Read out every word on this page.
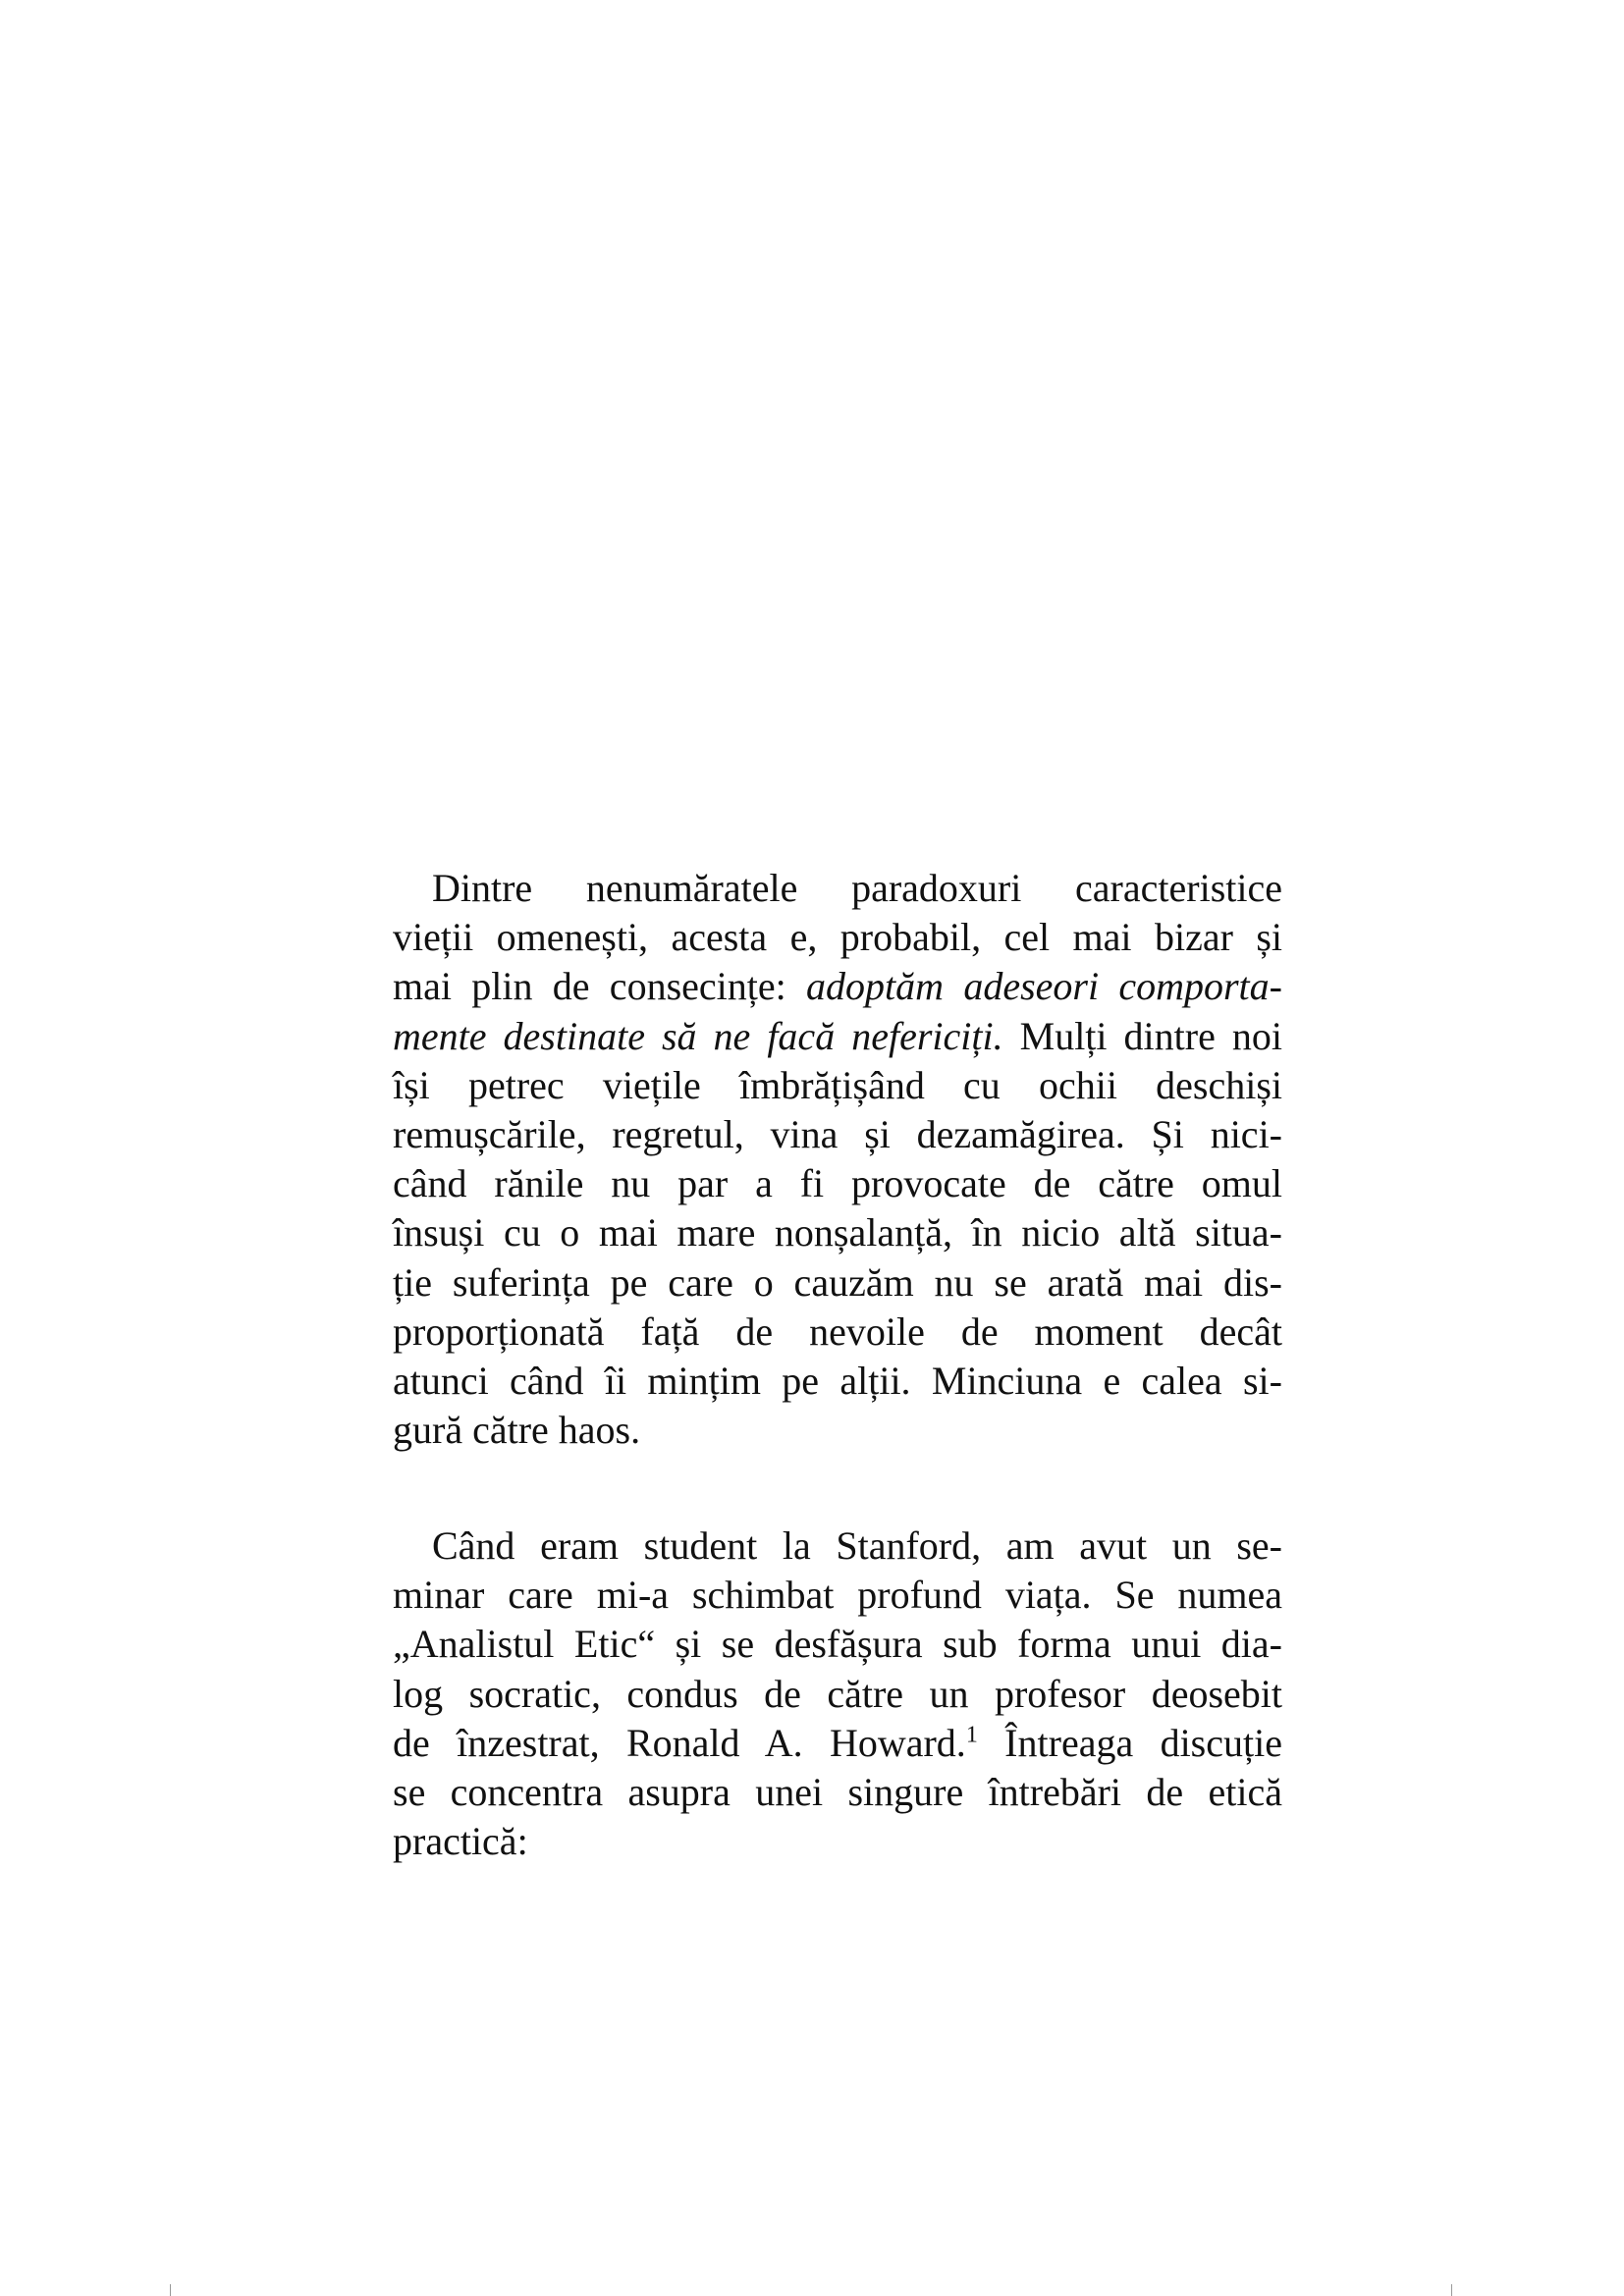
Dintre nenumăratele paradoxuri caracteristice
vieții omenești, acesta e, probabil, cel mai bizar și
mai plin de consecințe: adoptăm adeseori comporta-
mente destinate să ne facă nefericiți. Mulți dintre noi
își petrec viețile îmbrățișând cu ochii deschiși
remușcările, regretul, vina și dezamăgirea. Și nici-
când rănile nu par a fi provocate de către omul
însuși cu o mai mare nonșalanță, în nicio altă situa-
ție suferința pe care o cauzăm nu se arată mai dis-
proporționată față de nevoile de moment decât
atunci când îi mințim pe alții. Minciuna e calea si-
gură către haos.
Când eram student la Stanford, am avut un se-
minar care mi-a schimbat profund viața. Se numea
„Analistul Etic“ și se desfășura sub forma unui dia-
log socratic, condus de către un profesor deosebit
de înzestrat, Ronald A. Howard.$^1$ Întreaga discuție
se concentra asupra unei singure întrebări de etică
practică:
